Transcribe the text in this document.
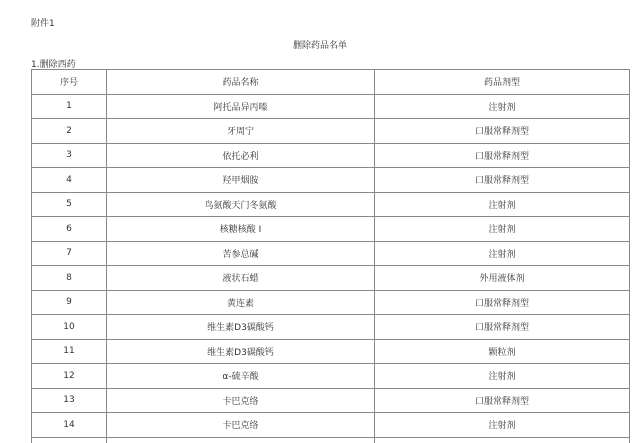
附件1
删除药品名单
1.删除西药
序号	药品名称	药品剂型
1	阿托品异丙嗪	注射剂
2	牙周宁	口服常释剂型
3	依托必利	口服常释剂型
4	羟甲烟胺	口服常释剂型
5	鸟氨酸天门冬氨酸	注射剂
6	核糖核酸 I	注射剂
7	苦参总碱	注射剂
8	液状石蜡	外用液体剂
9	黄连素	口服常释剂型
10	维生素D3碳酸钙	口服常释剂型
11	维生素D3碳酸钙	颗粒剂
12	α-硫辛酸	注射剂
13	卡巴克络	口服常释剂型
14	卡巴克络	注射剂
